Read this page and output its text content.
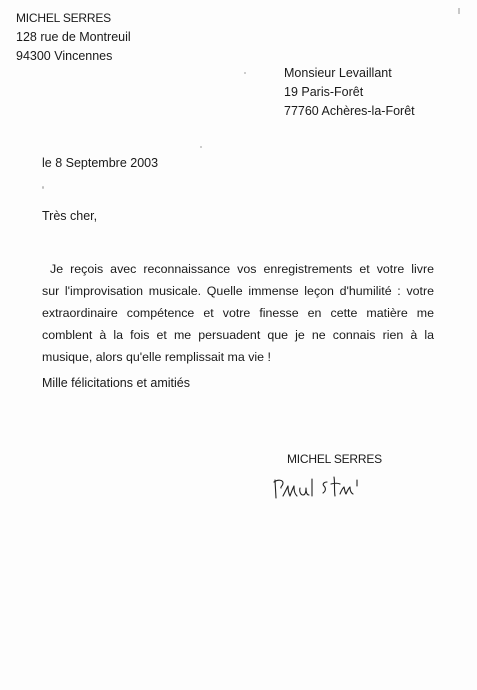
MICHEL SERRES
128 rue de Montreuil
94300 Vincennes
Monsieur Levaillant
19 Paris-Forêt
77760 Achères-la-Forêt
le 8 Septembre 2003
Très cher,
Je reçois avec reconnaissance vos enregistrements et votre livre
sur l'improvisation musicale. Quelle immense leçon d'humilité : votre
extraordinaire compétence et votre finesse en cette matière me
comblent à la fois et me persuadent que je ne connais rien à la
musique, alors qu'elle remplissait ma vie !
Mille félicitations et amitiés
MICHEL SERRES
